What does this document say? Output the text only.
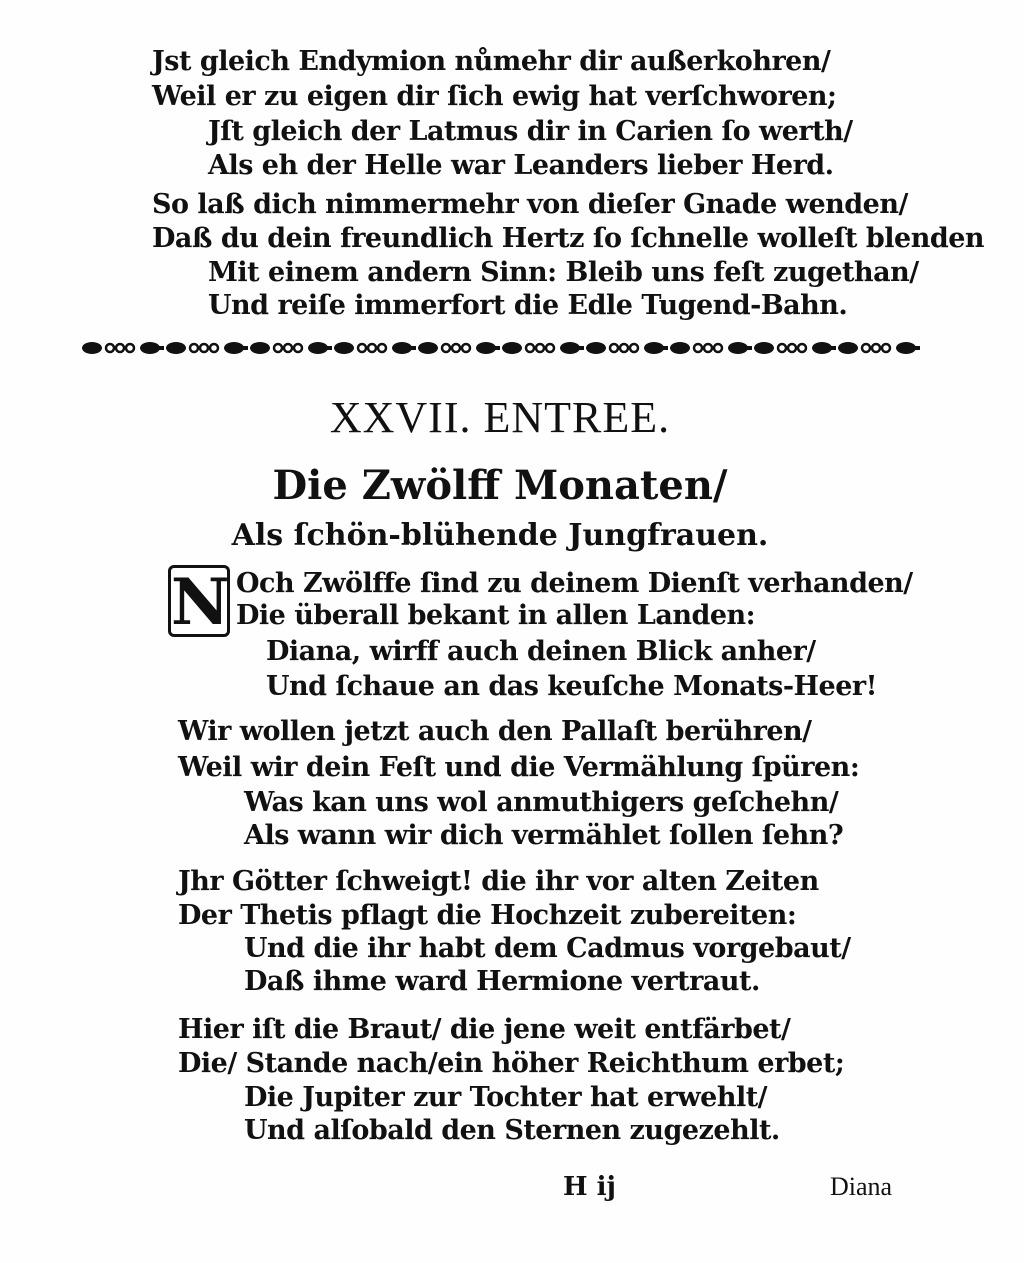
Jst gleich Endymion nůmehr dir außerkohren/
Weil er zu eigen dir ſich ewig hat verſchworen;
Jſt gleich der Latmus dir in Carien ſo werth/
Als eh der Helle war Leanders lieber Herd.
So laß dich nimmermehr von dieſer Gnade wenden/
Daß du dein freundlich Hertz ſo ſchnelle wolleſt blenden
Mit einem andern Sinn: Bleib uns feſt zugethan/
Und reiſe immerfort die Edle Tugend-Bahn.
XXVII. ENTREE.
Die Zwölff Monaten/
Als ſchön-blühende Jungfrauen.
N Och Zwölffe ſind zu deinem Dienſt verhanden/
Die überall bekant in allen Landen:
Diana, wirff auch deinen Blick anher/
Und ſchaue an das keuſche Monats-Heer!
Wir wollen jetzt auch den Pallaſt berühren/
Weil wir dein Feſt und die Vermählung ſpüren:
Was kan uns wol anmuthigers geſchehn/
Als wann wir dich vermählet ſollen ſehn?
Jhr Götter ſchweigt! die ihr vor alten Zeiten
Der Thetis pflagt die Hochzeit zubereiten:
Und die ihr habt dem Cadmus vorgebaut/
Daß ihme ward Hermione vertraut.
Hier iſt die Braut/ die jene weit entfärbet/
Die/ Stande nach/ein höher Reichthum erbet;
Die Jupiter zur Tochter hat erwehlt/
Und alſobald den Sternen zugezehlt.
H ij	Diana
